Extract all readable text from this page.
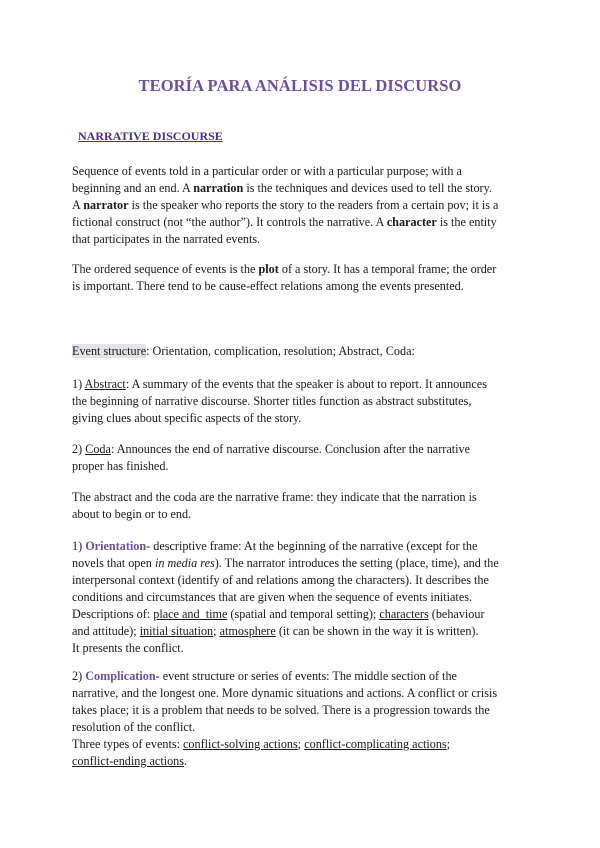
TEORÍA PARA ANÁLISIS DEL DISCURSO
NARRATIVE DISCOURSE
Sequence of events told in a particular order or with a particular purpose; with a
beginning and an end. A narration is the techniques and devices used to tell the story.
A narrator is the speaker who reports the story to the readers from a certain pov; it is a
fictional construct (not “the author”). It controls the narrative. A character is the entity
that participates in the narrated events.
The ordered sequence of events is the plot of a story. It has a temporal frame; the order
is important. There tend to be cause-effect relations among the events presented.
Event structure: Orientation, complication, resolution; Abstract, Coda:
1) Abstract: A summary of the events that the speaker is about to report. It announces
the beginning of narrative discourse. Shorter titles function as abstract substitutes,
giving clues about specific aspects of the story.
2) Coda: Announces the end of narrative discourse. Conclusion after the narrative
proper has finished.
The abstract and the coda are the narrative frame: they indicate that the narration is
about to begin or to end.
1) Orientation- descriptive frame: At the beginning of the narrative (except for the
novels that open in media res). The narrator introduces the setting (place, time), and the
interpersonal context (identify of and relations among the characters). It describes the
conditions and circumstances that are given when the sequence of events initiates.
Descriptions of: place and  time (spatial and temporal setting); characters (behaviour
and attitude); initial situation; atmosphere (it can be shown in the way it is written).
It presents the conflict.
2) Complication- event structure or series of events: The middle section of the
narrative, and the longest one. More dynamic situations and actions. A conflict or crisis
takes place; it is a problem that needs to be solved. There is a progression towards the
resolution of the conflict.
Three types of events: conflict-solving actions; conflict-complicating actions;
conflict-ending actions.
